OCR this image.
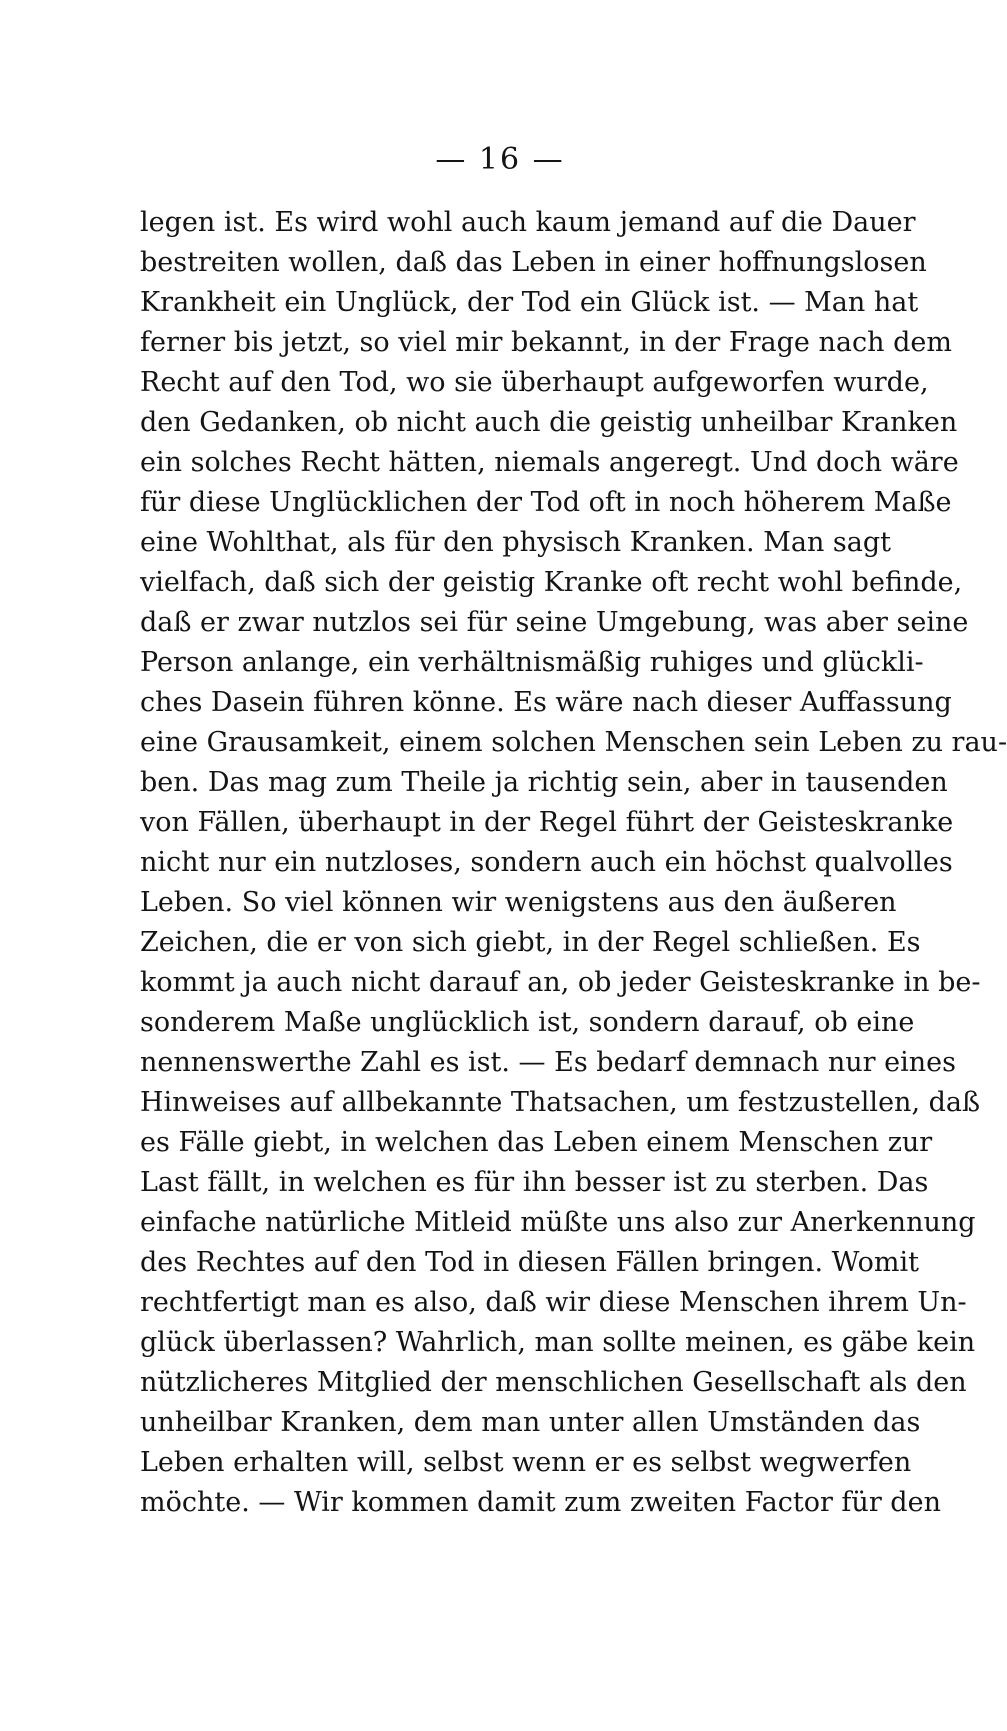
— 16 —
legen ist. Es wird wohl auch kaum jemand auf die Dauer
bestreiten wollen, daß das Leben in einer hoffnungslosen
Krankheit ein Unglück, der Tod ein Glück ist. — Man hat
ferner bis jetzt, so viel mir bekannt, in der Frage nach dem
Recht auf den Tod, wo sie überhaupt aufgeworfen wurde,
den Gedanken, ob nicht auch die geistig unheilbar Kranken
ein solches Recht hätten, niemals angeregt. Und doch wäre
für diese Unglücklichen der Tod oft in noch höherem Maße
eine Wohlthat, als für den physisch Kranken. Man sagt
vielfach, daß sich der geistig Kranke oft recht wohl befinde,
daß er zwar nutzlos sei für seine Umgebung, was aber seine
Person anlange, ein verhältnismäßig ruhiges und glückli-
ches Dasein führen könne. Es wäre nach dieser Auffassung
eine Grausamkeit, einem solchen Menschen sein Leben zu rau-
ben. Das mag zum Theile ja richtig sein, aber in tausenden
von Fällen, überhaupt in der Regel führt der Geisteskranke
nicht nur ein nutzloses, sondern auch ein höchst qualvolles
Leben. So viel können wir wenigstens aus den äußeren
Zeichen, die er von sich giebt, in der Regel schließen. Es
kommt ja auch nicht darauf an, ob jeder Geisteskranke in be-
sonderem Maße unglücklich ist, sondern darauf, ob eine
nennenswerthe Zahl es ist. — Es bedarf demnach nur eines
Hinweises auf allbekannte Thatsachen, um festzustellen, daß
es Fälle giebt, in welchen das Leben einem Menschen zur
Last fällt, in welchen es für ihn besser ist zu sterben. Das
einfache natürliche Mitleid müßte uns also zur Anerkennung
des Rechtes auf den Tod in diesen Fällen bringen. Womit
rechtfertigt man es also, daß wir diese Menschen ihrem Un-
glück überlassen? Wahrlich, man sollte meinen, es gäbe kein
nützlicheres Mitglied der menschlichen Gesellschaft als den
unheilbar Kranken, dem man unter allen Umständen das
Leben erhalten will, selbst wenn er es selbst wegwerfen
möchte. — Wir kommen damit zum zweiten Factor für den
